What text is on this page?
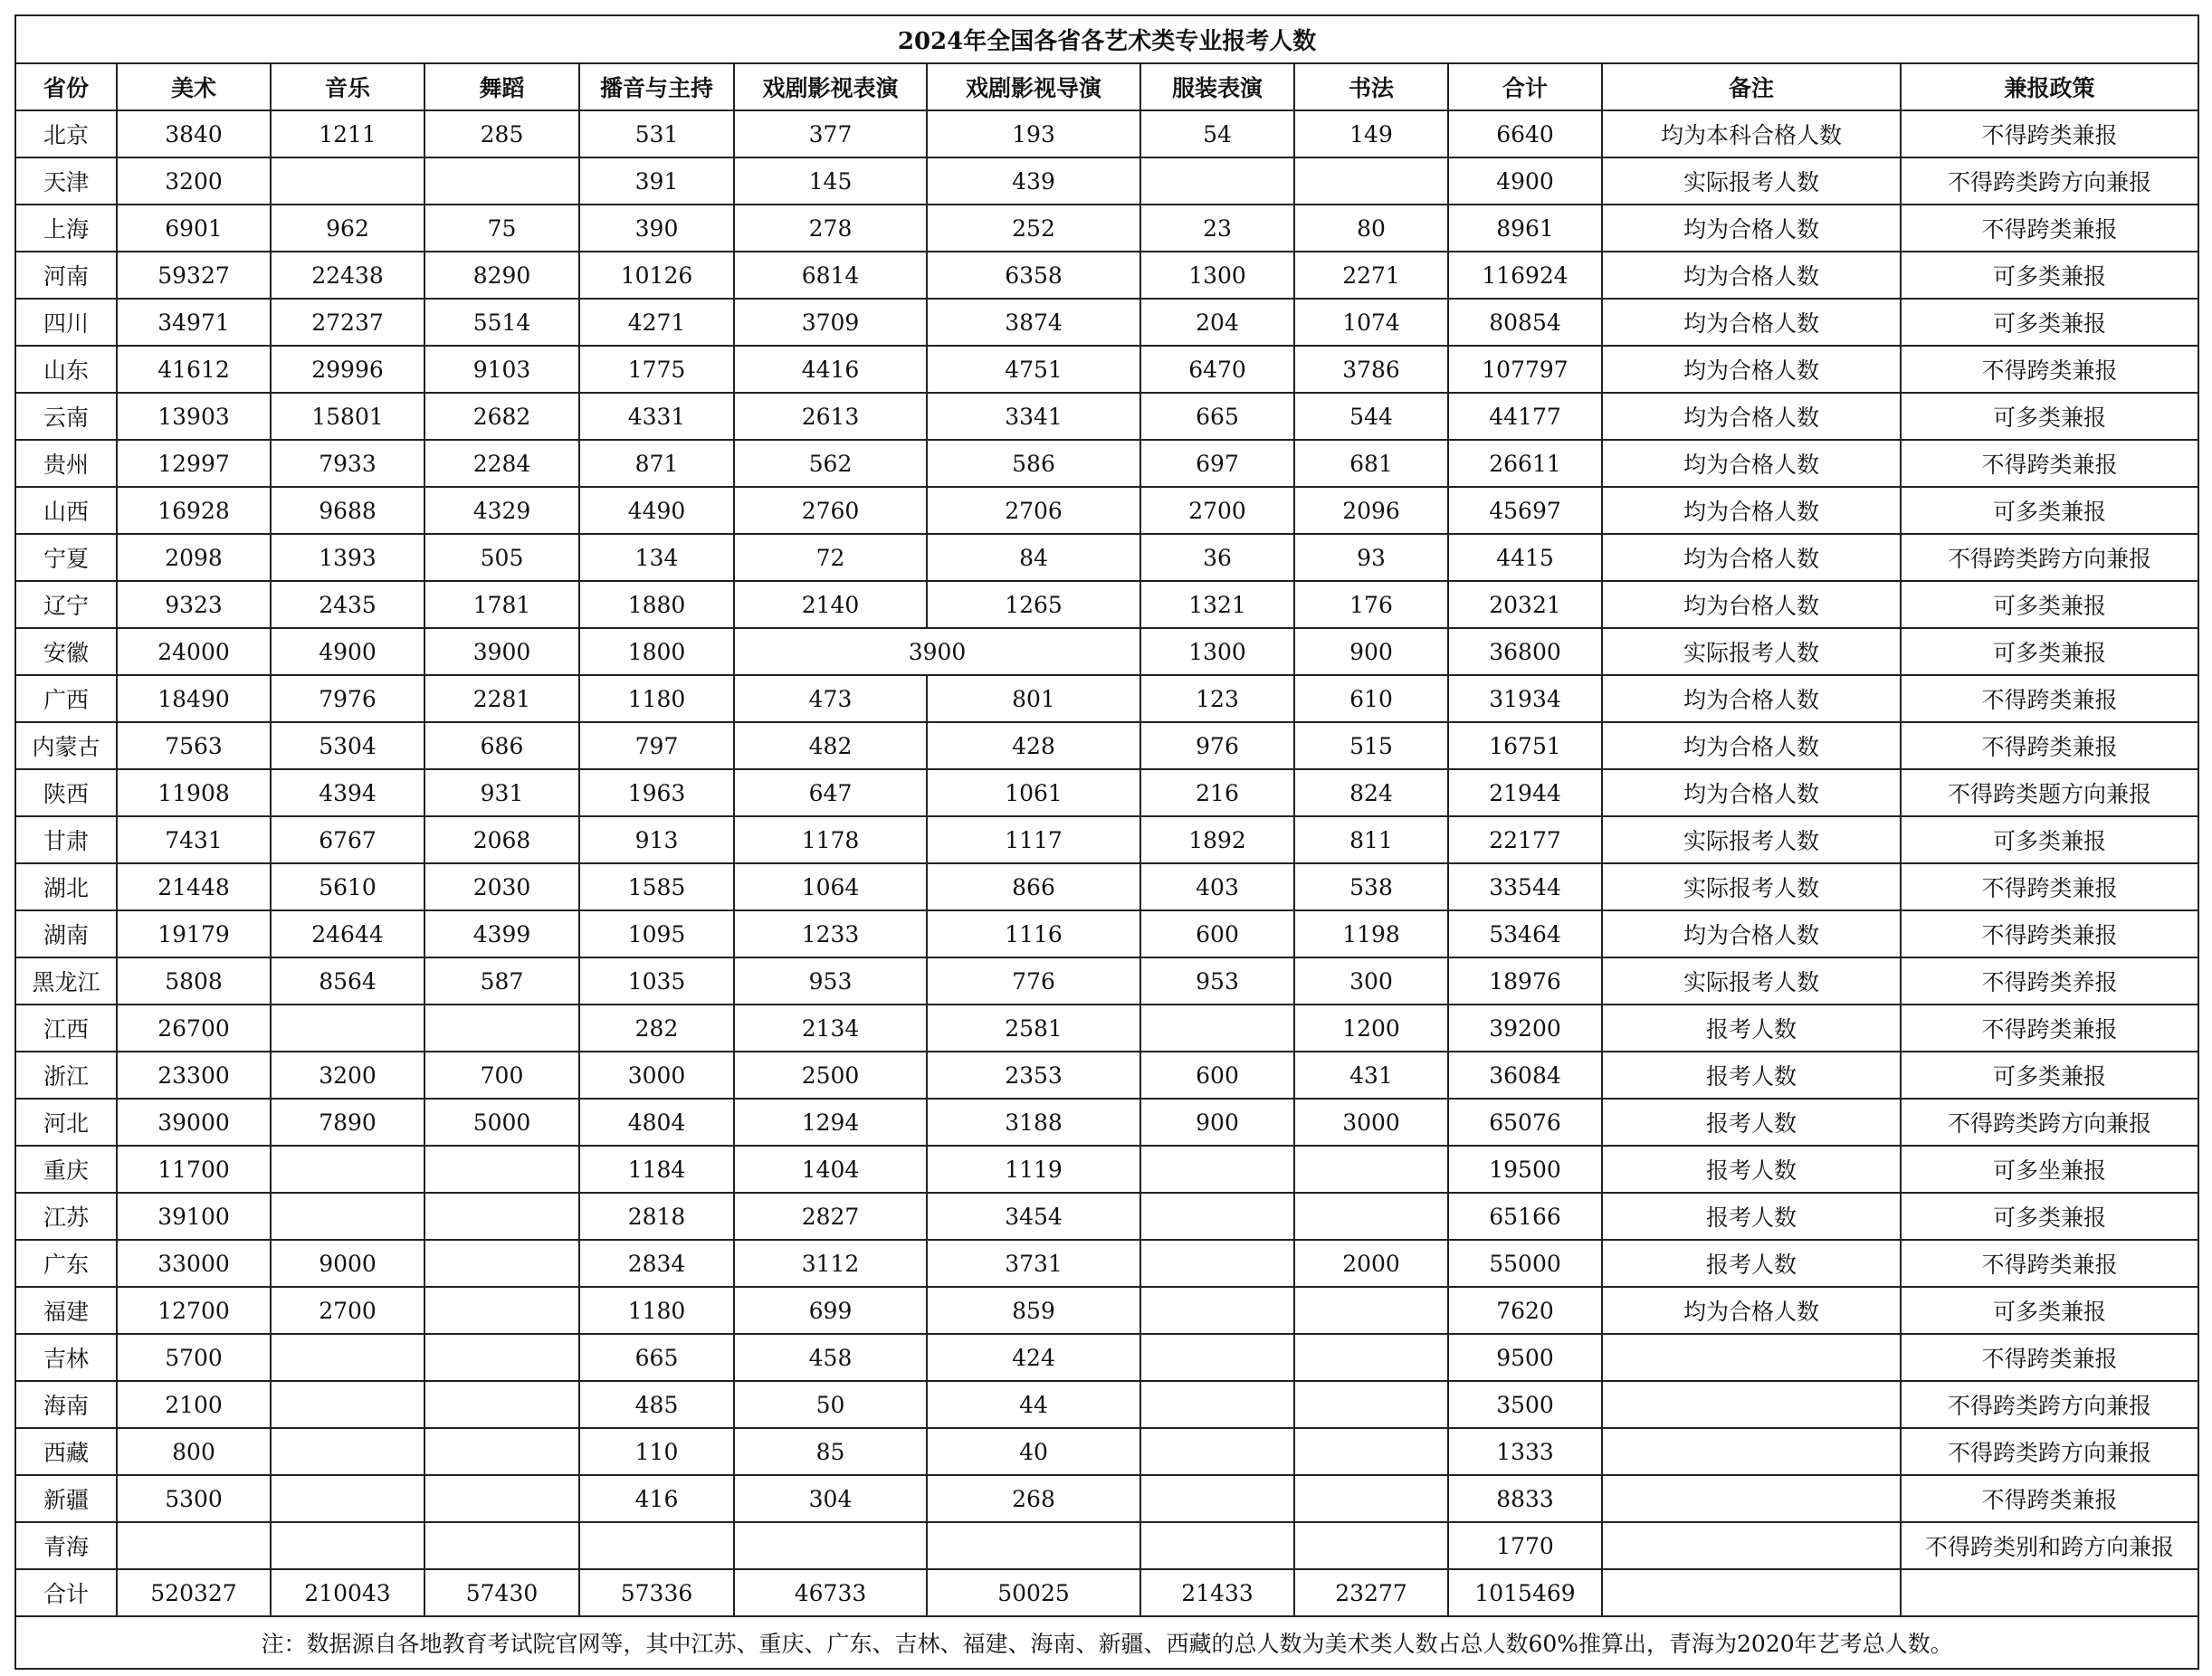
2024年全国各省各艺术类专业报考人数											
省份	美术	音乐	舞蹈	播音与主持	戏剧影视表演	戏剧影视导演	服装表演	书法	合计	备注	兼报政策
北京	3840	1211	285	531	377	193	54	149	6640	均为本科合格人数	不得跨类兼报
天津	3200			391	145	439			4900	实际报考人数	不得跨类跨方向兼报
上海	6901	962	75	390	278	252	23	80	8961	均为合格人数	不得跨类兼报
河南	59327	22438	8290	10126	6814	6358	1300	2271	116924	均为合格人数	可多类兼报
四川	34971	27237	5514	4271	3709	3874	204	1074	80854	均为合格人数	可多类兼报
山东	41612	29996	9103	1775	4416	4751	6470	3786	107797	均为合格人数	不得跨类兼报
云南	13903	15801	2682	4331	2613	3341	665	544	44177	均为合格人数	可多类兼报
贵州	12997	7933	2284	871	562	586	697	681	26611	均为合格人数	不得跨类兼报
山西	16928	9688	4329	4490	2760	2706	2700	2096	45697	均为合格人数	可多类兼报
宁夏	2098	1393	505	134	72	84	36	93	4415	均为合格人数	不得跨类跨方向兼报
辽宁	9323	2435	1781	1880	2140	1265	1321	176	20321	均为台格人数	可多类兼报
安徽	24000	4900	3900	1800	3900		1300	900	36800	实际报考人数	可多类兼报
广西	18490	7976	2281	1180	473	801	123	610	31934	均为合格人数	不得跨类兼报
内蒙古	7563	5304	686	797	482	428	976	515	16751	均为合格人数	不得跨类兼报
陕西	11908	4394	931	1963	647	1061	216	824	21944	均为合格人数	不得跨类题方向兼报
甘肃	7431	6767	2068	913	1178	1117	1892	811	22177	实际报考人数	可多类兼报
湖北	21448	5610	2030	1585	1064	866	403	538	33544	实际报考人数	不得跨类兼报
湖南	19179	24644	4399	1095	1233	1116	600	1198	53464	均为合格人数	不得跨类兼报
黑龙江	5808	8564	587	1035	953	776	953	300	18976	实际报考人数	不得跨类养报
江西	26700			282	2134	2581		1200	39200	报考人数	不得跨类兼报
浙江	23300	3200	700	3000	2500	2353	600	431	36084	报考人数	可多类兼报
河北	39000	7890	5000	4804	1294	3188	900	3000	65076	报考人数	不得跨类跨方向兼报
重庆	11700			1184	1404	1119			19500	报考人数	可多坐兼报
江苏	39100			2818	2827	3454			65166	报考人数	可多类兼报
广东	33000	9000		2834	3112	3731		2000	55000	报考人数	不得跨类兼报
福建	12700	2700		1180	699	859			7620	均为合格人数	可多类兼报
吉林	5700			665	458	424			9500		不得跨类兼报
海南	2100			485	50	44			3500		不得跨类跨方向兼报
西藏	800			110	85	40			1333		不得跨类跨方向兼报
新疆	5300			416	304	268			8833		不得跨类兼报
青海									1770		不得跨类别和跨方向兼报
合计	520327	210043	57430	57336	46733	50025	21433	23277	1015469		
注：数据源自各地教育考试院官网等，其中江苏、重庆、广东、吉林、福建、海南、新疆、西藏的总人数为美术类人数占总人数60%推算出，青海为2020年艺考总人数。											
